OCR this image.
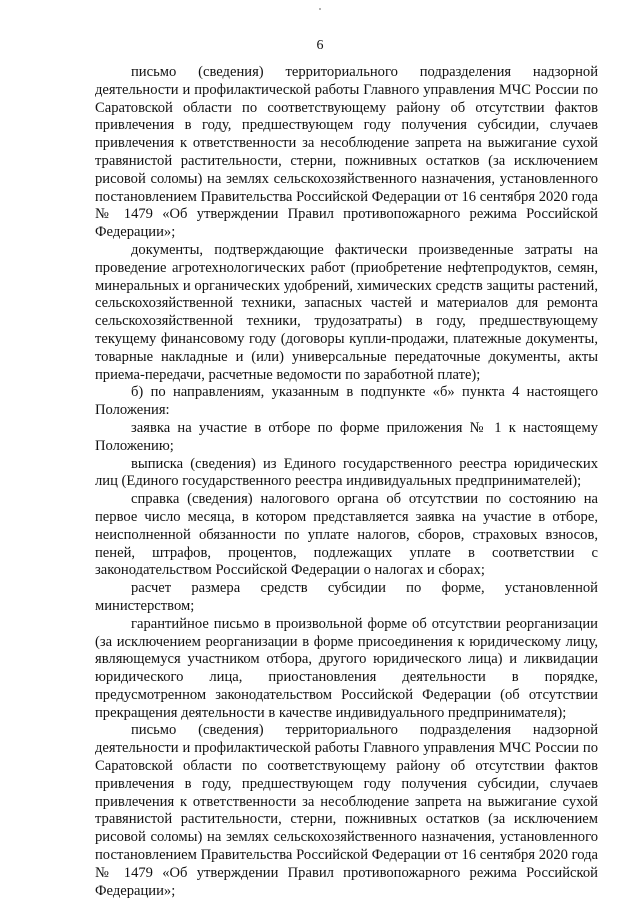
6

письмо (сведения) территориального подразделения надзорной деятельности и профилактической работы Главного управления МЧС России по Саратовской области по соответствующему району об отсутствии фактов привлечения в году, предшествующем году получения субсидии, случаев привлечения к ответственности за несоблюдение запрета на выжигание сухой травянистой растительности, стерни, пожнивных остатков (за исключением рисовой соломы) на землях сельскохозяйственного назначения, установленного постановлением Правительства Российской Федерации от 16 сентября 2020 года № 1479 «Об утверждении Правил противопожарного режима Российской Федерации»;

документы, подтверждающие фактически произведенные затраты на проведение агротехнологических работ (приобретение нефтепродуктов, семян, минеральных и органических удобрений, химических средств защиты растений, сельскохозяйственной техники, запасных частей и материалов для ремонта сельскохозяйственной техники, трудозатраты) в году, предшествующему текущему финансовому году (договоры купли-продажи, платежные документы, товарные накладные и (или) универсальные передаточные документы, акты приема-передачи, расчетные ведомости по заработной плате);

б) по направлениям, указанным в подпункте «б» пункта 4 настоящего Положения:

заявка на участие в отборе по форме приложения № 1 к настоящему Положению;

выписка (сведения) из Единого государственного реестра юридических лиц (Единого государственного реестра индивидуальных предпринимателей);

справка (сведения) налогового органа об отсутствии по состоянию на первое число месяца, в котором представляется заявка на участие в отборе, неисполненной обязанности по уплате налогов, сборов, страховых взносов, пеней, штрафов, процентов, подлежащих уплате в соответствии с законодательством Российской Федерации о налогах и сборах;

расчет размера средств субсидии по форме, установленной министерством;

гарантийное письмо в произвольной форме об отсутствии реорганизации (за исключением реорганизации в форме присоединения к юридическому лицу, являющемуся участником отбора, другого юридического лица) и ликвидации юридического лица, приостановления деятельности в порядке, предусмотренном законодательством Российской Федерации (об отсутствии прекращения деятельности в качестве индивидуального предпринимателя);

письмо (сведения) территориального подразделения надзорной деятельности и профилактической работы Главного управления МЧС России по Саратовской области по соответствующему району об отсутствии фактов привлечения в году, предшествующем году получения субсидии, случаев привлечения к ответственности за несоблюдение запрета на выжигание сухой травянистой растительности, стерни, пожнивных остатков (за исключением рисовой соломы) на землях сельскохозяйственного назначения, установленного постановлением Правительства Российской Федерации от 16 сентября 2020 года № 1479 «Об утверждении Правил противопожарного режима Российской Федерации»;
